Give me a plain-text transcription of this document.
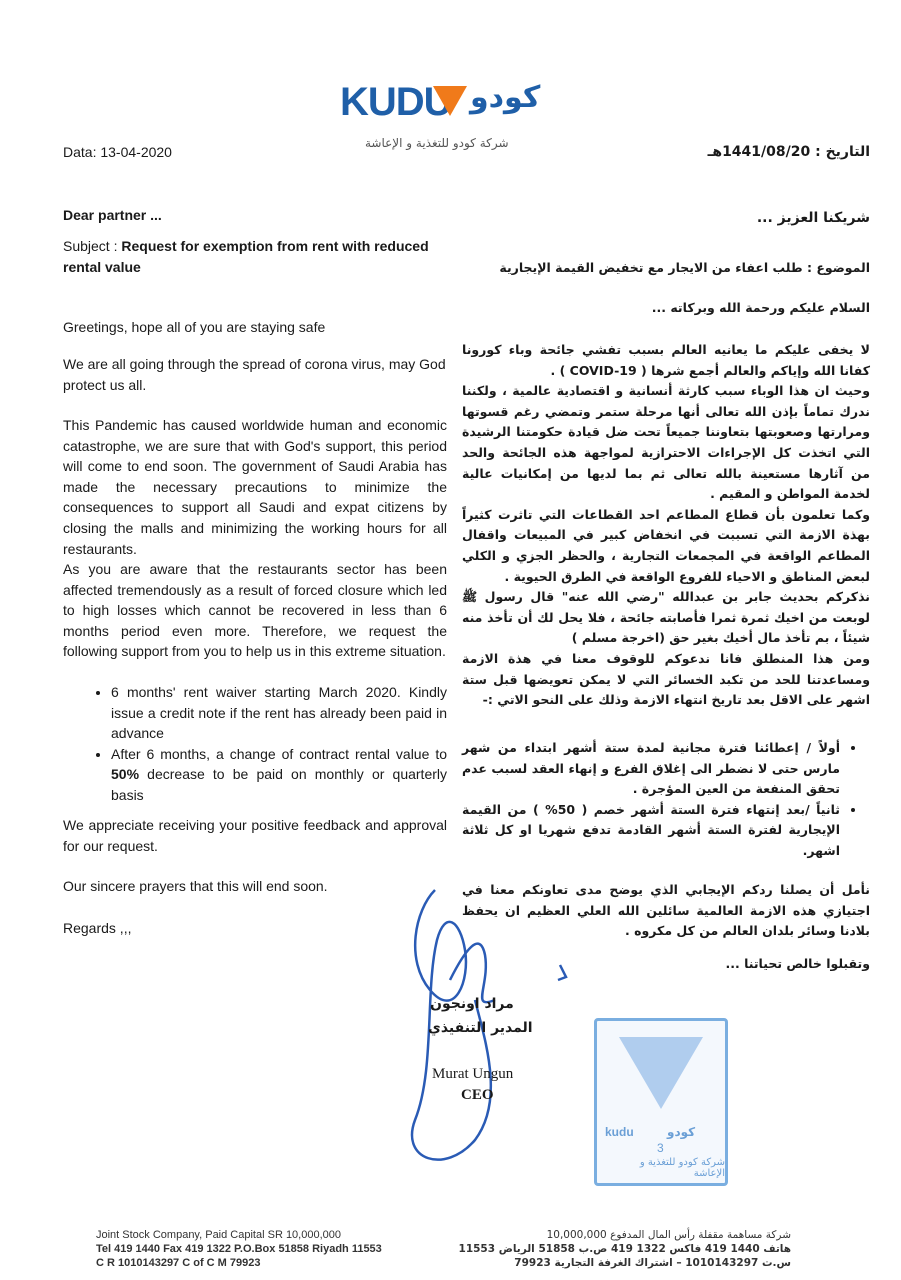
KUDU كودو
شركة كودو للتغذية و الإعاشة
Data: 13-04-2020	التاريخ : 1441/08/20هـ

Dear partner ...

Subject : Request for exemption from rent with reduced rental value

Greetings, hope all of you are staying safe

We are all going through the spread of corona virus, may God protect us all.

This Pandemic has caused worldwide human and economic catastrophe, we are sure that with God's support, this period will come to end soon. The government of Saudi Arabia has made the necessary precautions to minimize the consequences to support all Saudi and expat citizens by closing the malls and minimizing the working hours for all restaurants.

As you are aware that the restaurants sector has been affected tremendously as a result of forced closure which led to high losses which cannot be recovered in less than 6 months period even more. Therefore, we request the following support from you to help us in this extreme situation.

• 6 months' rent waiver starting March 2020. Kindly issue a credit note if the rent has already been paid in advance
• After 6 months, a change of contract rental value to 50% decrease to be paid on monthly or quarterly basis

We appreciate receiving your positive feedback and approval for our request.

Our sincere prayers that this will end soon.

Regards ,,,

شريكنا العزيز ...

الموضوع : طلب اعفاء من الايجار مع تخفيض القيمة الإيجارية

السلام عليكم ورحمة الله وبركاته ...

لا يخفى عليكم ما يعانيه العالم بسبب تفشي جائحة وباء كورونا كفانا الله وإياكم والعالم أجمع شرها ( COVID-19 ) .

وحيث ان هذا الوباء سبب كارثة أنسانية و اقتصادية عالمية ، ولكننا ندرك تماماً بإذن الله تعالى أنها مرحلة ستمر وتمضي رغم قسوتها ومرارتها وصعوبتها بتعاوننا جميعاً تحت ضل قيادة حكومتنا الرشيدة التي اتخذت كل الإجراءات الاحترازية لمواجهة هذه الجائحة والحد من آثارها مستعينة بالله تعالى ثم بما لديها من إمكانيات عالية لخدمة المواطن و المقيم .

وكما تعلمون بأن قطاع المطاعم احد القطاعات التي تاثرت كثيراً بهذة الازمة التي تسببت في انخفاض كبير في المبيعات واقفال المطاعم الواقعة في المجمعات التجارية ، والحظر الجزي و الكلي لبعض المناطق و الاحياء للفروع الواقعة في الطرق الحيوية .

نذكركم بحديث جابر بن عبدالله "رضي الله عنه" قال رسول ﷺ لوبعت من اخيك ثمرة ثمرا فأصابته جائحة ، فلا يحل لك أن تأخذ منه شيئاً ، بم تأخذ مال أخيك بغير حق (اخرجة مسلم )

ومن هذا المنطلق فانا ندعوكم للوقوف معنا في هذة الازمة ومساعدتنا للحد من تكبد الخسائر التي لا يمكن تعويضها قبل ستة اشهر على الاقل بعد تاريخ انتهاء الازمة وذلك على النحو الاتي :-

• أولاً / إعطائنا فترة مجانية لمدة ستة أشهر ابتداء من شهر مارس حتى لا نضطر الى إغلاق الفرع و إنهاء العقد لسبب عدم تحقق المنفعة من العين المؤجرة .
• ثانياً /بعد إنتهاء فترة الستة أشهر خصم ( 50% ) من القيمة الإيجارية لفترة الستة أشهر القادمة تدفع شهريا او كل ثلاثة اشهر.

نأمل أن يصلنا ردكم الإيجابي الذي يوضح مدى تعاونكم معنا في اجتيازي هذه الازمة العالمية سائلين الله العلي العظيم ان يحفظ بلادنا وسائر بلدان العالم من كل مكروه .

وتقبلوا خالص تحياتنا ...

مراد اونجون
المدير التنفيذي
Murat Ungun
CEO
kudu	كودو
3
شركة كودو للتغذية و الإعاشة
Joint Stock Company, Paid Capital SR 10,000,000
Tel 419 1440 Fax 419 1322 P.O.Box 51858 Riyadh 11553
C R 1010143297 C of C M 79923
شركة مساهمة مقفلة رأس المال المدفوع 10,000,000
هاتف 1440 419 فاكس 1322 419 ص.ب 51858 الرياض 11553
س.ت 1010143297 – اشتراك الغرفة التجارية 79923
